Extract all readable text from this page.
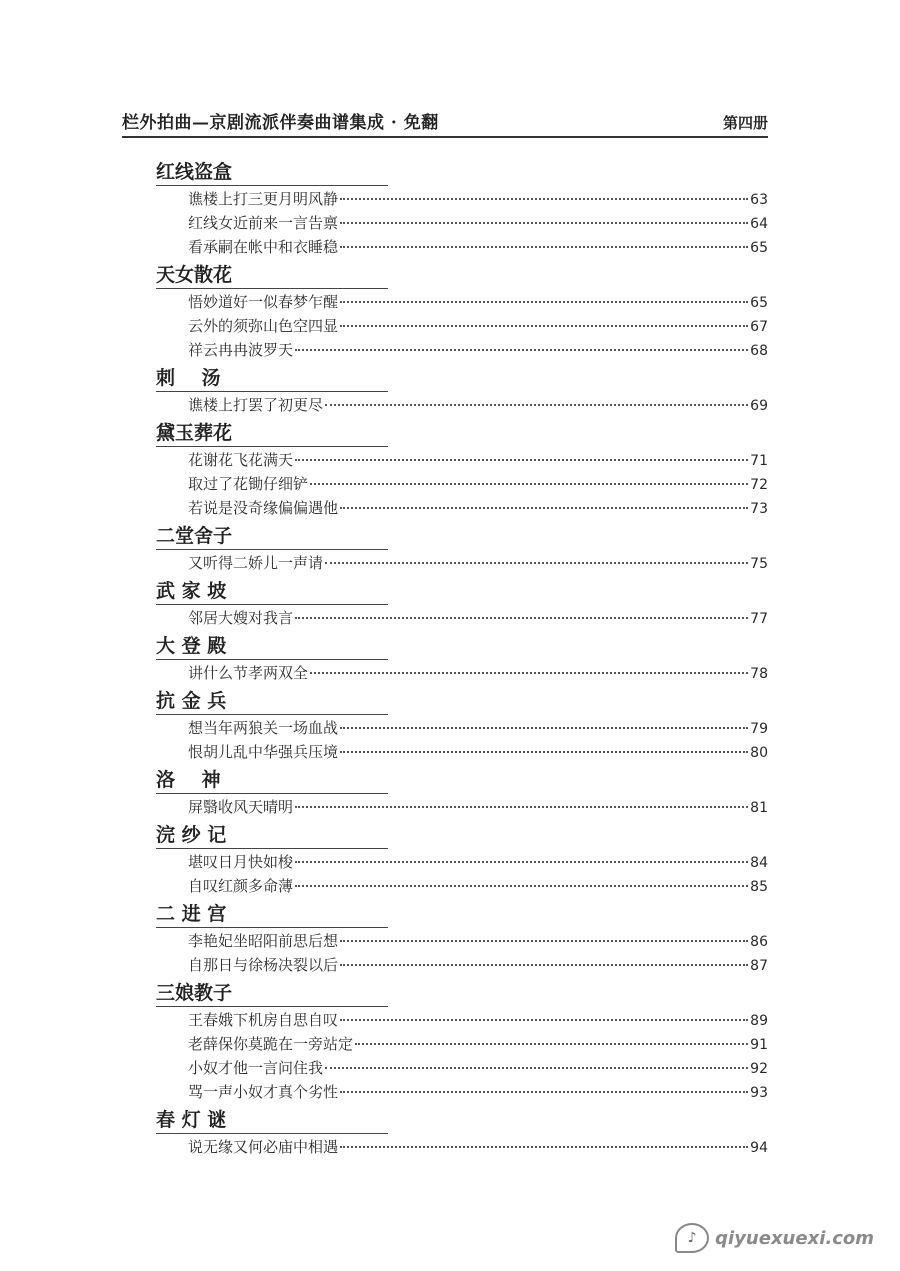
栏外拍曲—京剧流派伴奏曲谱集成 · 免翻	第四册
红线盗盒
谯楼上打三更月明风静	63
红线女近前来一言告禀	64
看承嗣在帐中和衣睡稳	65
天女散花
悟妙道好一似春梦乍醒	65
云外的须弥山色空四显	67
祥云冉冉波罗天	68
刺    汤
谯楼上打罢了初更尽	69
黛玉葬花
花谢花飞花满天	71
取过了花锄仔细铲	72
若说是没奇缘偏偏遇他	73
二堂舍子
又听得二娇儿一声请	75
武 家 坡
邻居大嫂对我言	77
大 登 殿
讲什么节孝两双全	78
抗 金 兵
想当年两狼关一场血战	79
恨胡儿乱中华强兵压境	80
洛    神
屏翳收风天晴明	81
浣 纱 记
堪叹日月快如梭	84
自叹红颜多命薄	85
二 进 宫
李艳妃坐昭阳前思后想	86
自那日与徐杨决裂以后	87
三娘教子
王春娥下机房自思自叹	89
老薛保你莫跪在一旁站定	91
小奴才他一言问住我	92
骂一声小奴才真个劣性	93
春 灯 谜
说无缘又何必庙中相遇	94
♪	qiyuexuexi.com
